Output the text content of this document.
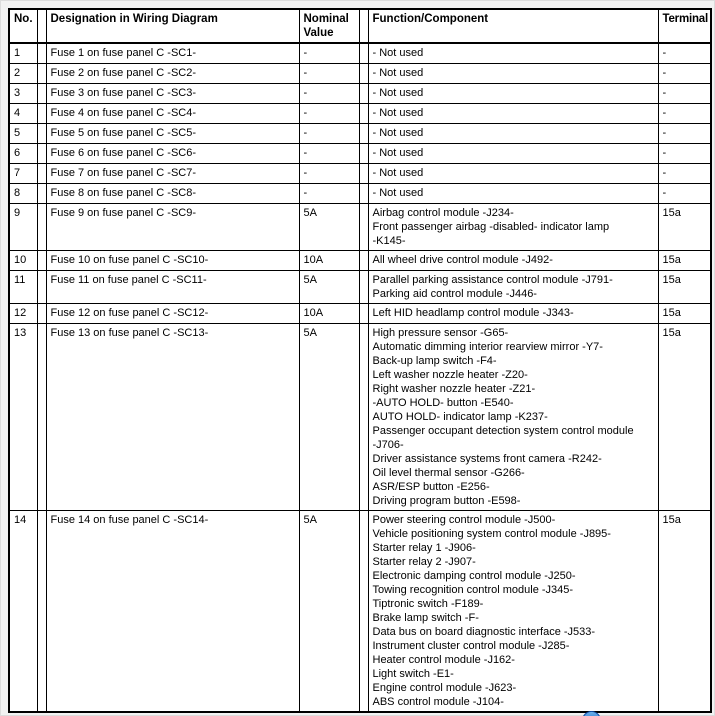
No.		Designation in Wiring Diagram	Nominal Value		Function/Component	Terminal
1		Fuse 1 on fuse panel C -SC1-	-		- Not used	-
2		Fuse 2 on fuse panel C -SC2-	-		- Not used	-
3		Fuse 3 on fuse panel C -SC3-	-		- Not used	-
4		Fuse 4 on fuse panel C -SC4-	-		- Not used	-
5		Fuse 5 on fuse panel C -SC5-	-		- Not used	-
6		Fuse 6 on fuse panel C -SC6-	-		- Not used	-
7		Fuse 7 on fuse panel C -SC7-	-		- Not used	-
8		Fuse 8 on fuse panel C -SC8-	-		- Not used	-
9		Fuse 9 on fuse panel C -SC9-	5A		Airbag control module -J234-
Front passenger airbag -disabled- indicator lamp
-K145-	15a
10		Fuse 10 on fuse panel C -SC10-	10A		All wheel drive control module -J492-	15a
11		Fuse 11 on fuse panel C -SC11-	5A		Parallel parking assistance control module -J791-
Parking aid control module -J446-	15a
12		Fuse 12 on fuse panel C -SC12-	10A		Left HID headlamp control module -J343-	15a
13		Fuse 13 on fuse panel C -SC13-	5A		High pressure sensor -G65-
Automatic dimming interior rearview mirror -Y7-
Back-up lamp switch -F4-
Left washer nozzle heater -Z20-
Right washer nozzle heater -Z21-
-AUTO HOLD- button -E540-
AUTO HOLD- indicator lamp -K237-
Passenger occupant detection system control module
-J706-
Driver assistance systems front camera -R242-
Oil level thermal sensor -G266-
ASR/ESP button -E256-
Driving program button -E598-
	15a
14		Fuse 14 on fuse panel C -SC14-	5A		Power steering control module -J500-
Vehicle positioning system control module -J895-
Starter relay 1 -J906-
Starter relay 2 -J907-
Electronic damping control module -J250-
Towing recognition control module -J345-
Tiptronic switch -F189-
Brake lamp switch -F-
Data bus on board diagnostic interface -J533-
Instrument cluster control module -J285-
Heater control module -J162-
Light switch -E1-
Engine control module -J623-
ABS control module -J104-
	15a
